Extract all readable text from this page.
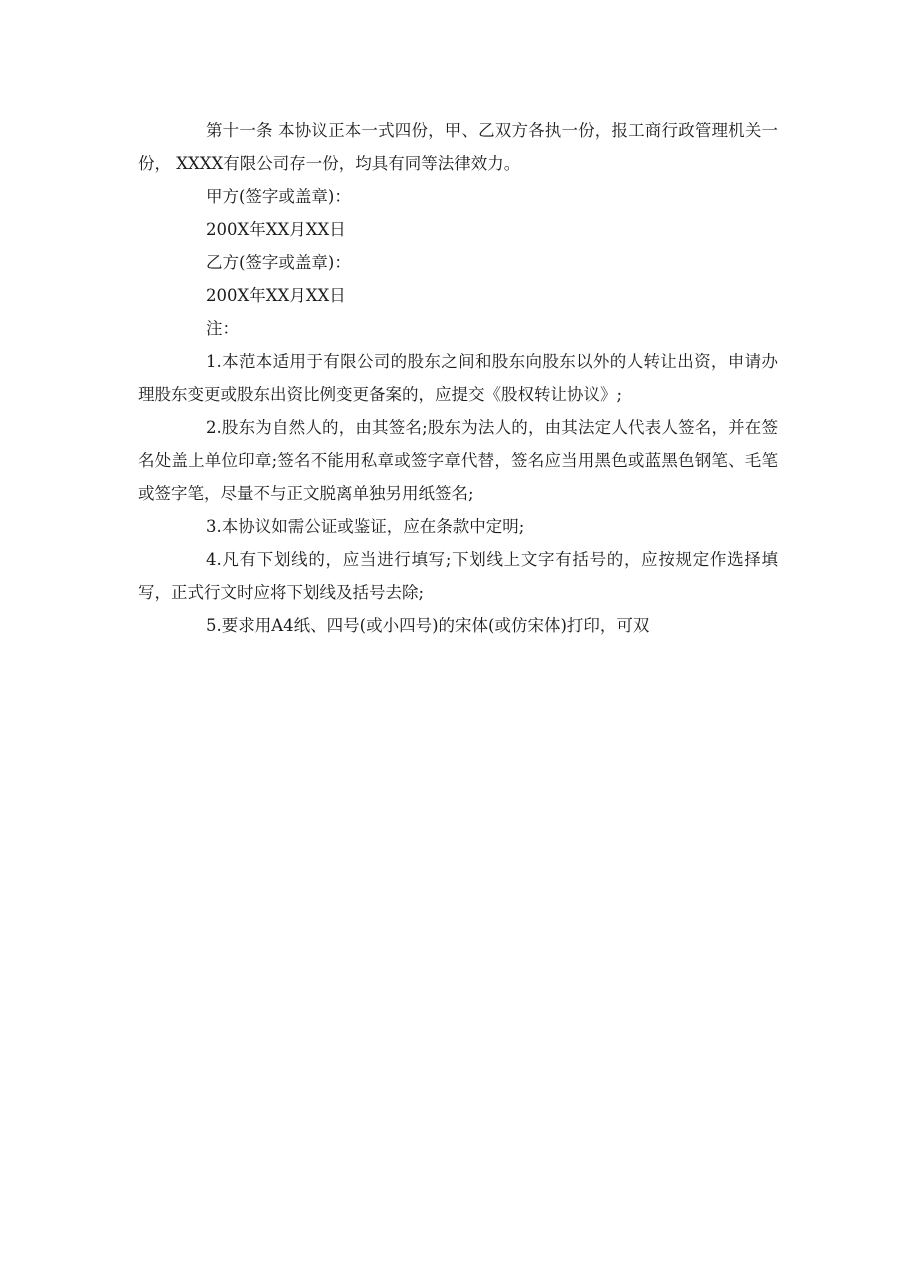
第十一条 本协议正本一式四份，甲、乙双方各执一份，报工商行政管理机关一份， XXXX有限公司存一份，均具有同等法律效力。

甲方(签字或盖章)：

200X年XX月XX日

乙方(签字或盖章)：

200X年XX月XX日

注：

1.本范本适用于有限公司的股东之间和股东向股东以外的人转让出资，申请办理股东变更或股东出资比例变更备案的，应提交《股权转让协议》;

2.股东为自然人的，由其签名;股东为法人的，由其法定人代表人签名，并在签名处盖上单位印章;签名不能用私章或签字章代替，签名应当用黑色或蓝黑色钢笔、毛笔或签字笔，尽量不与正文脱离单独另用纸签名;

3.本协议如需公证或鉴证，应在条款中定明;

4.凡有下划线的，应当进行填写;下划线上文字有括号的，应按规定作选择填写，正式行文时应将下划线及括号去除;

5.要求用A4纸、四号(或小四号)的宋体(或仿宋体)打印，可双
